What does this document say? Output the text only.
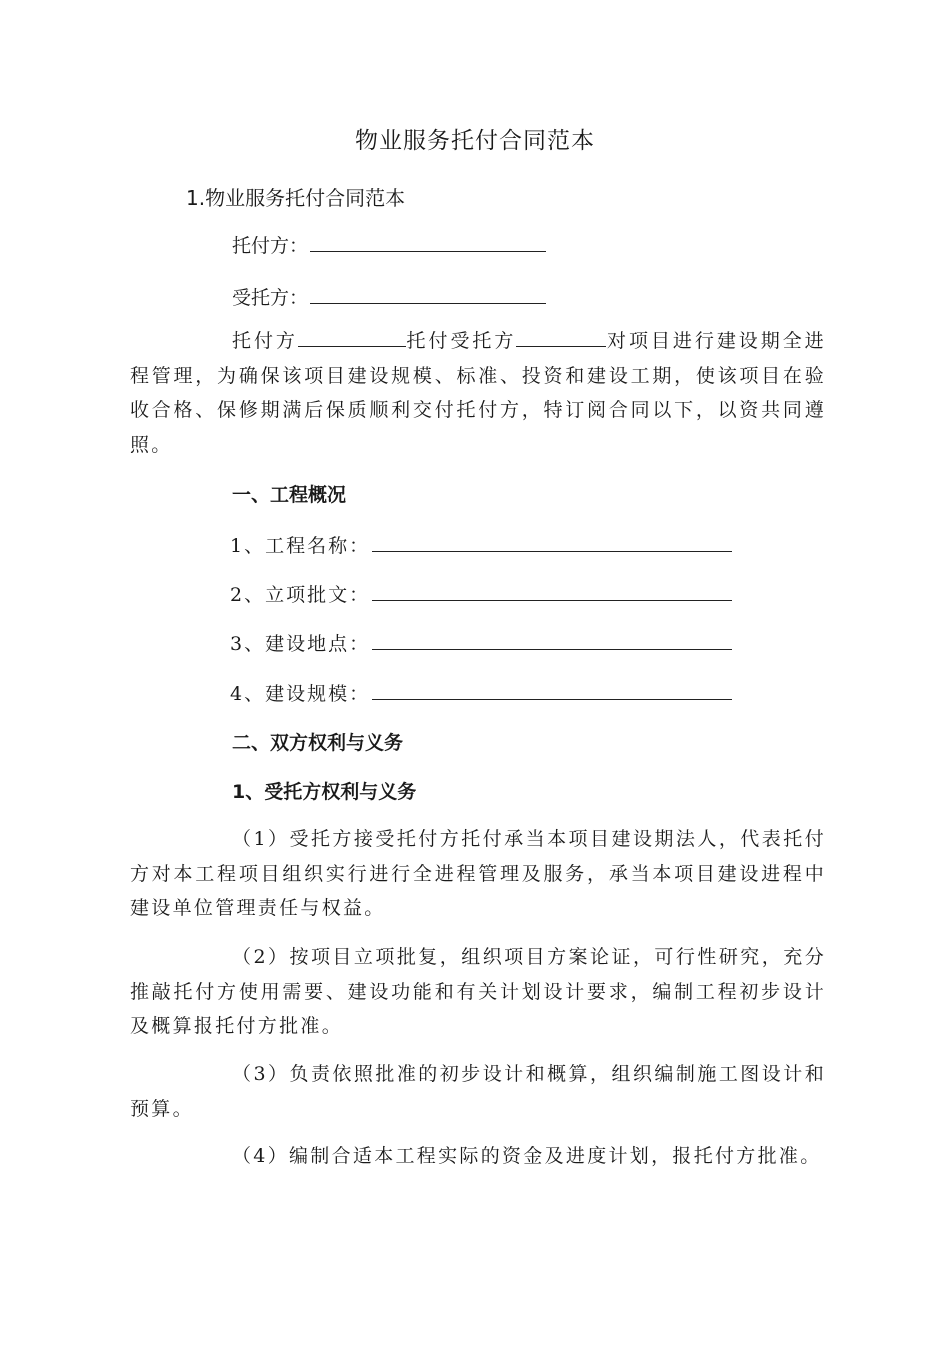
物业服务托付合同范本
1.物业服务托付合同范本
托付方：
受托方：
托付方	托付受托方	对项目进行建设期全进程管理，为确保该项目建设规模、标准、投资和建设工期，使该项目在验收合格、保修期满后保质顺利交付托付方，特订阅合同以下，以资共同遵照。
一、工程概况
1、工程名称：
2、立项批文：
3、建设地点：
4、建设规模：
二、双方权利与义务
1、受托方权利与义务
（1）受托方接受托付方托付承当本项目建设期法人，代表托付方对本工程项目组织实行进行全进程管理及服务，承当本项目建设进程中建设单位管理责任与权益。
（2）按项目立项批复，组织项目方案论证，可行性研究，充分推敲托付方使用需要、建设功能和有关计划设计要求，编制工程初步设计及概算报托付方批准。
（3）负责依照批准的初步设计和概算，组织编制施工图设计和预算。
（4）编制合适本工程实际的资金及进度计划，报托付方批准。
